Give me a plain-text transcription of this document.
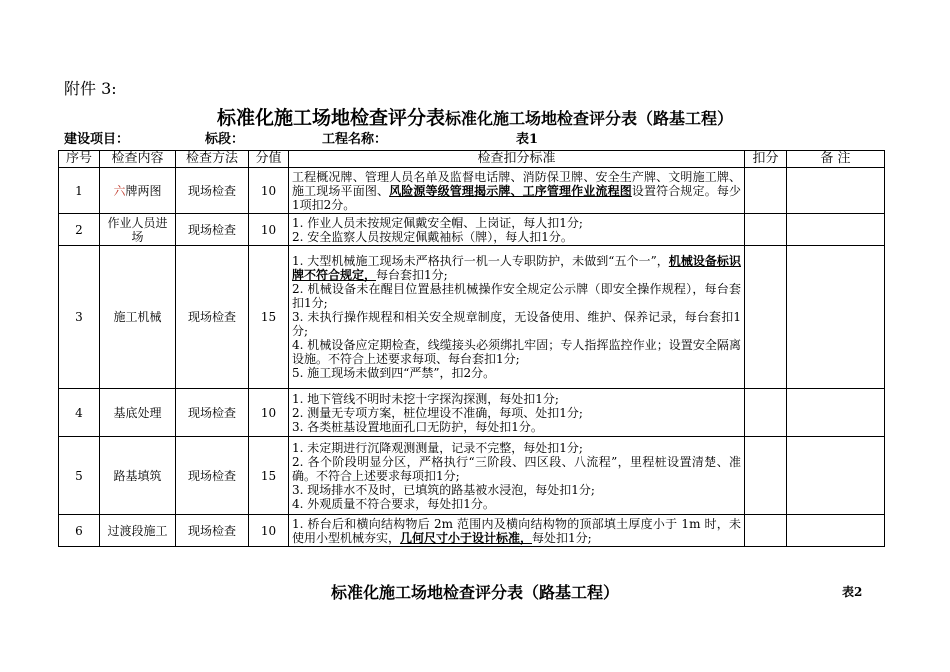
附件 3:
标准化施工场地检查评分表标准化施工场地检查评分表（路基工程）
建设项目：	标段：	工程名称：	表1
序号	检查内容	检查方法	分值	检查扣分标准	扣分	备 注
1	六牌两图	现场检查	10	工程概况牌、管理人员名单及监督电话牌、消防保卫牌、安全生产牌、文明施工牌、施工现场平面图、风险源等级管理揭示牌、工序管理作业流程图设置符合规定。每少1项扣2分。		
2	作业人员进场	现场检查	10	1. 作业人员未按规定佩戴安全帽、上岗证，每人扣1分;
2. 安全监察人员按规定佩戴袖标（牌），每人扣1分。		

3	施工机械	现场检查	15	1. 大型机械施工现场未严格执行一机一人专职防护，未做到“五个一”，机械设备标识牌不符合规定，每台套扣1分;
2. 机械设备未在醒目位置悬挂机械操作安全规定公示牌（即安全操作规程），每台套扣1分;
3. 未执行操作规程和相关安全规章制度，无设备使用、维护、保养记录，每台套扣1分;
4. 机械设备应定期检查，线缆接头必须绑扎牢固；专人指挥监控作业；设置安全隔离设施。不符合上述要求每项、每台套扣1分;
5. 施工现场未做到四“严禁”，扣2分。		

4	基底处理	现场检查	10	1. 地下管线不明时未挖十字探沟探测，每处扣1分;
2. 测量无专项方案，桩位埋设不准确，每项、处扣1分;
3. 各类桩基设置地面孔口无防护，每处扣1分。		

5	路基填筑	现场检查	15	1. 未定期进行沉降观测测量，记录不完整，每处扣1分;
2. 各个阶段明显分区，严格执行“三阶段、四区段、八流程”，里程桩设置清楚、准确。不符合上述要求每项扣1分;
3. 现场排水不及时，已填筑的路基被水浸泡，每处扣1分;
4. 外观质量不符合要求，每处扣1分。		

6	过渡段施工	现场检查	10	1. 桥台后和横向结构物后 2m 范围内及横向结构物的顶部填土厚度小于 1m 时，未使用小型机械夯实，几何尺寸小于设计标准，每处扣1分;		
标准化施工场地检查评分表（路基工程）	表2
